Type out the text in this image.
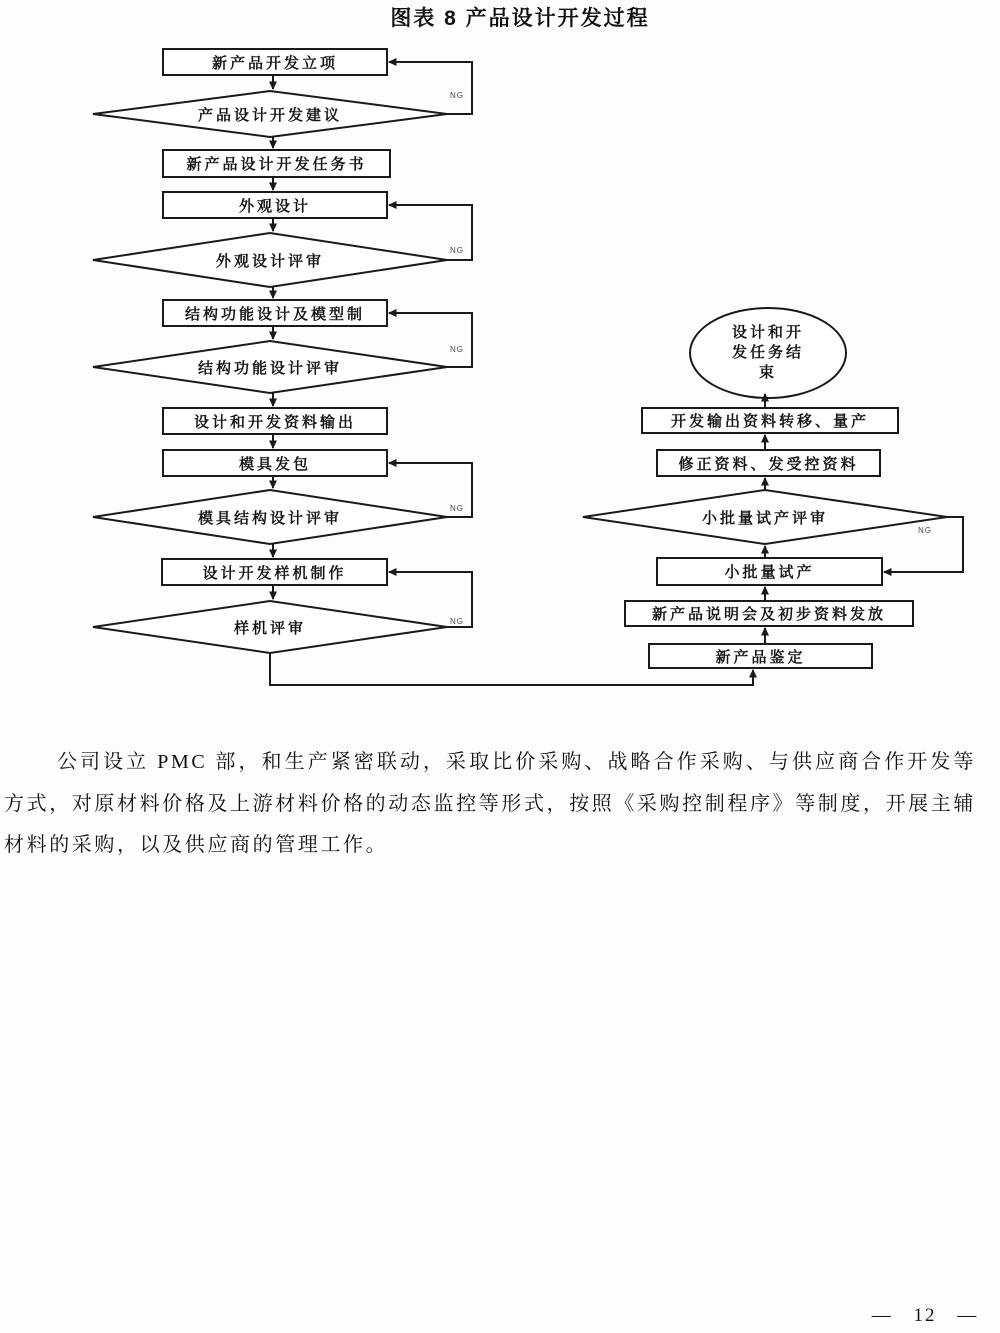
图表 8 产品设计开发过程
新产品开发立项
产品设计开发建议
新产品设计开发任务书
外观设计
外观设计评审
结构功能设计及模型制
结构功能设计评审
设计和开发资料输出
模具发包
模具结构设计评审
设计开发样机制作
样机评审
设计和开发任务结束
开发输出资料转移、量产
修正资料、发受控资料
小批量试产评审
小批量试产
新产品说明会及初步资料发放
新产品鉴定
NG
NG
NG
NG
NG
NG

公司设立 PMC 部，和生产紧密联动，采取比价采购、战略合作采购、与供应商合作开发等方式，对原材料价格及上游材料价格的动态监控等形式，按照《采购控制程序》等制度，开展主辅材料的采购，以及供应商的管理工作。

— 12 —
